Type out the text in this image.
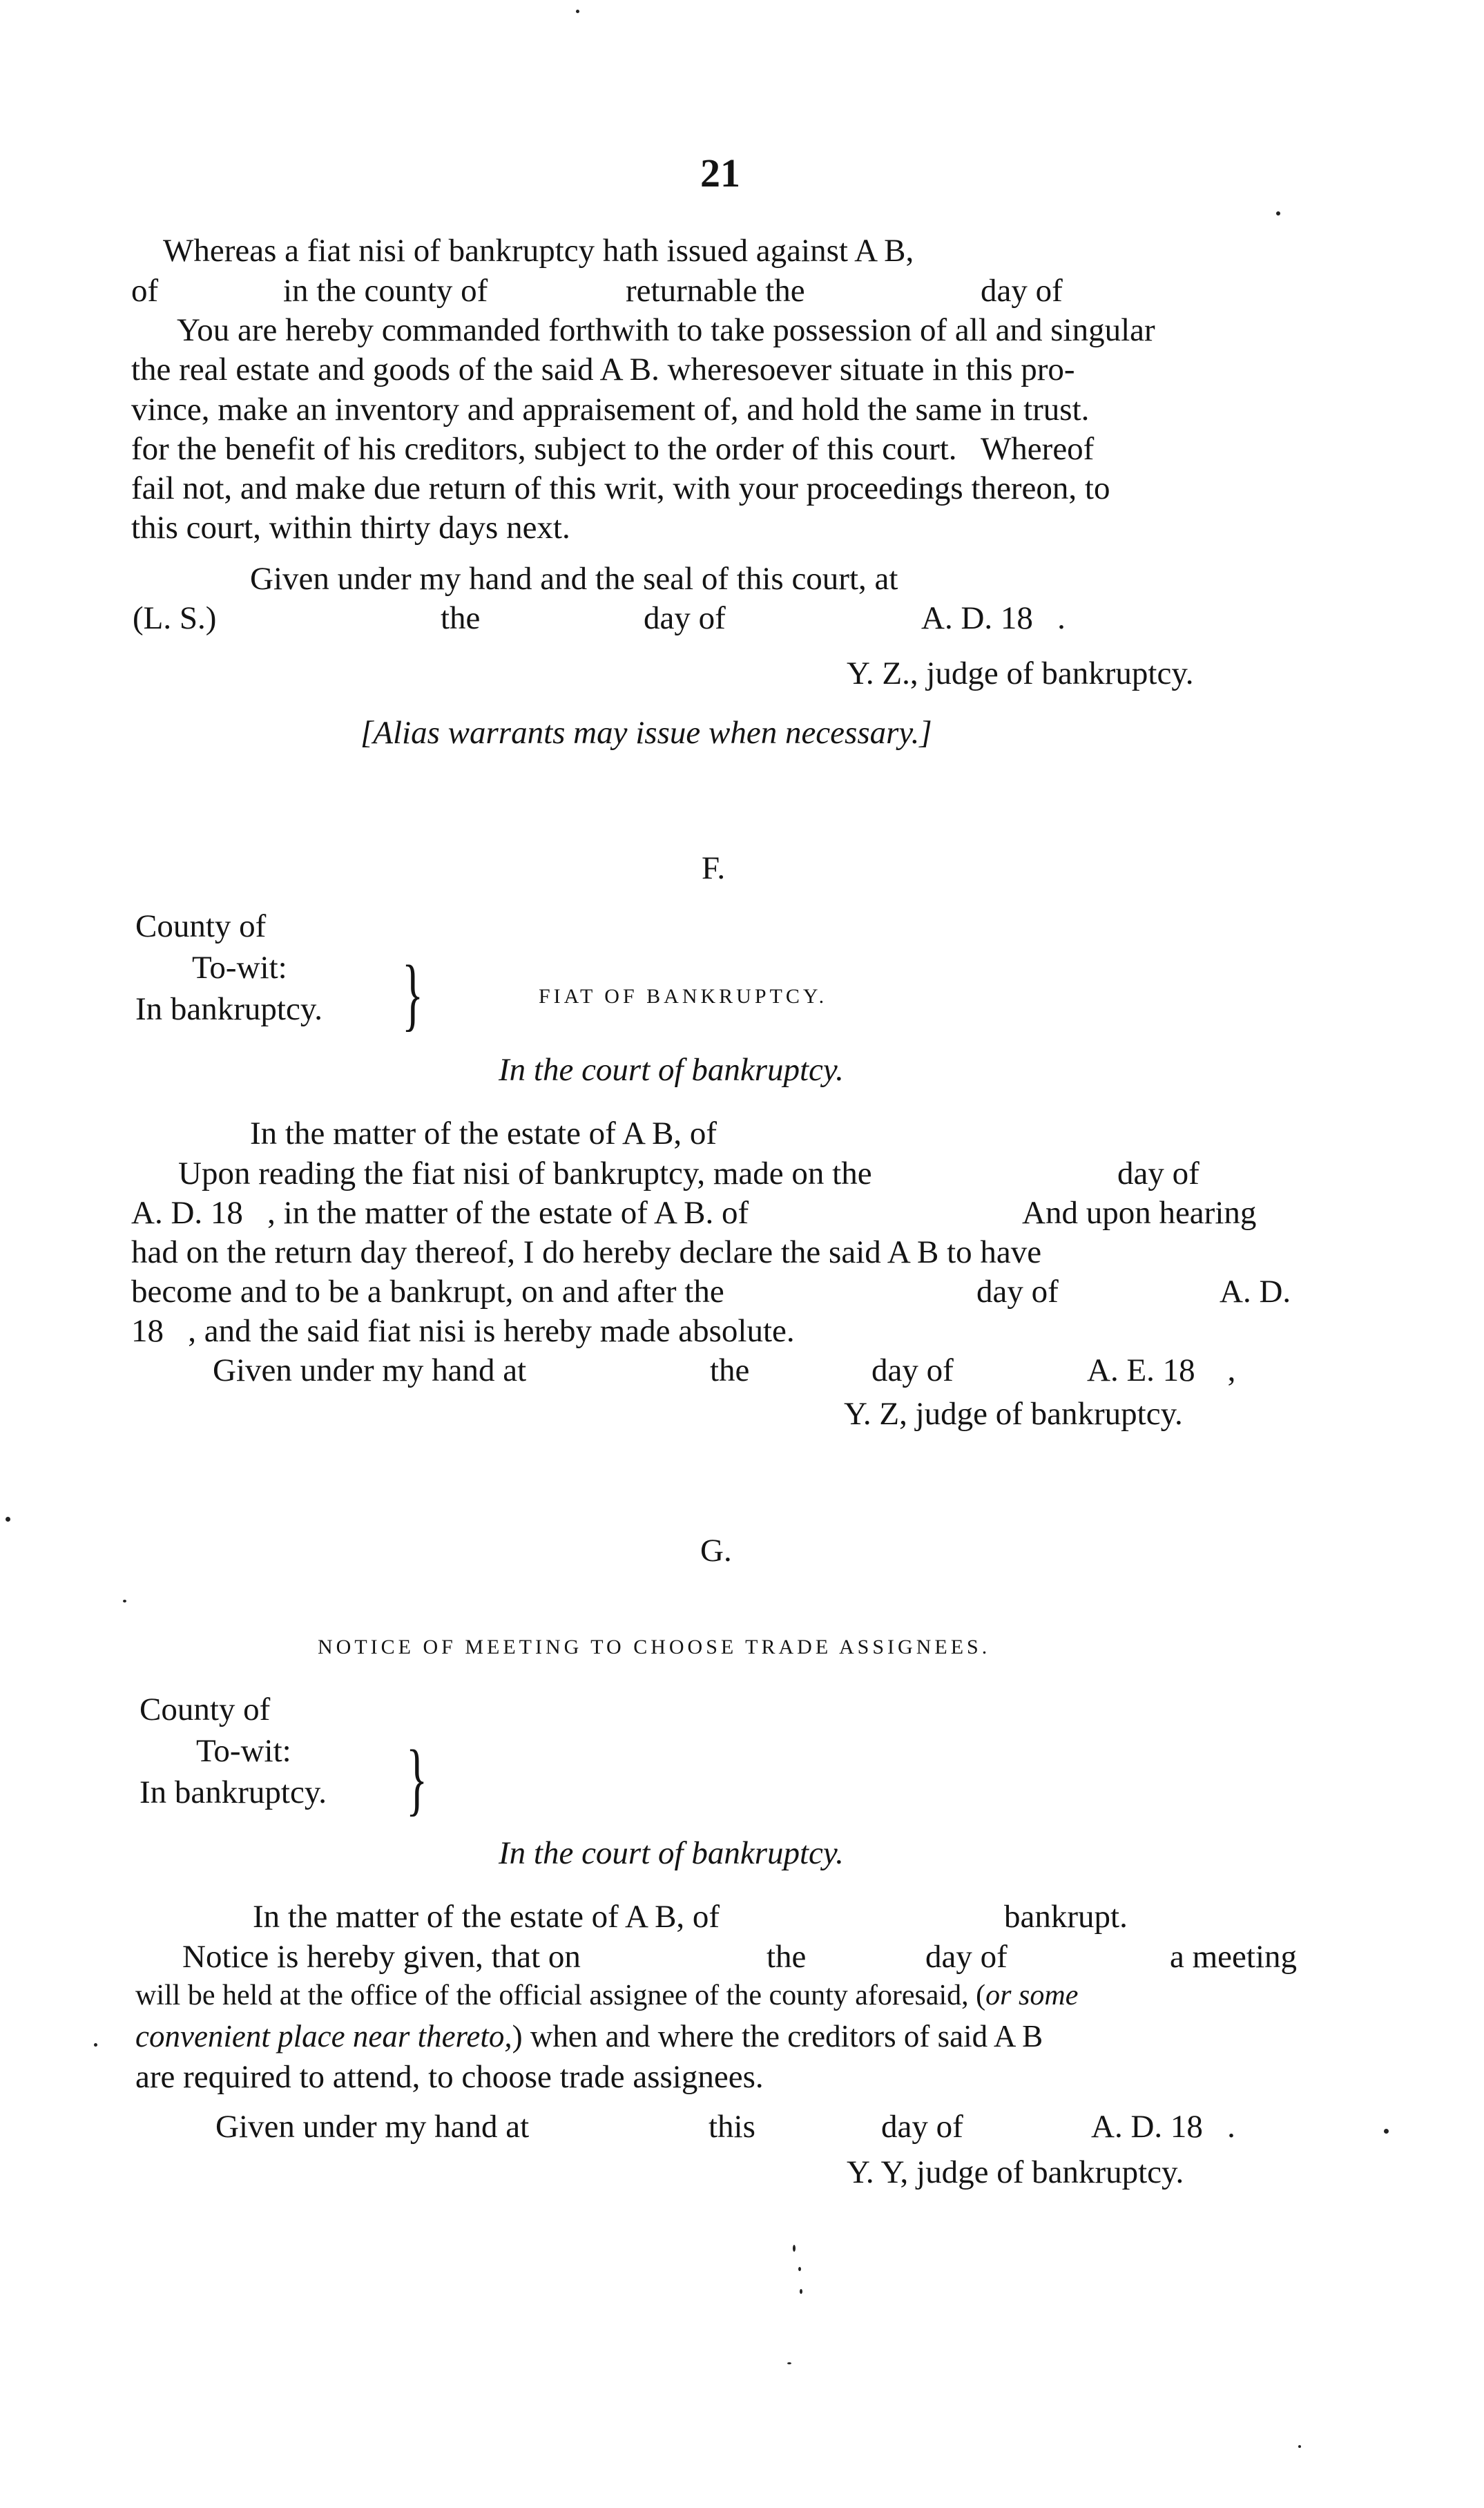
21
Whereas a fiat nisi of bankruptcy hath issued against A B,
of	in the county of	returnable the	day of
You are hereby commanded forthwith to take possession of all and singular
the real estate and goods of the said A B. wheresoever situate in this pro-
vince, make an inventory and appraisement of, and hold the same in trust.
for the benefit of his creditors, subject to the order of this court.   Whereof
fail not, and make due return of this writ, with your proceedings thereon, to
this court, within thirty days next.
Given under my hand and the seal of this court, at
(L. S.)	the	day of	A. D. 18   .
Y. Z., judge of bankruptcy.
[Alias warrants may issue when necessary.]
F.
County of
To-wit:
In bankruptcy. }	FIAT OF BANKRUPTCY.
In the court of bankruptcy.
In the matter of the estate of A B, of
Upon reading the fiat nisi of bankruptcy, made on the	day of
A. D. 18   , in the matter of the estate of A B. of	And upon hearing
had on the return day thereof, I do hereby declare the said A B to have
become and to be a bankrupt, on and after the	day of	A. D.
18   , and the said fiat nisi is hereby made absolute.
Given under my hand at	the	day of	A. E. 18    ,
Y. Z, judge of bankruptcy.
G.
NOTICE OF MEETING TO CHOOSE TRADE ASSIGNEES.
County of
To-wit:
In bankruptcy. }
In the court of bankruptcy.
In the matter of the estate of A B, of	bankrupt.
Notice is hereby given, that on	the	day of	a meeting
will be held at the office of the official assignee of the county aforesaid, (or some
convenient place near thereto,) when and where the creditors of said A B
are required to attend, to choose trade assignees.
Given under my hand at	this	day of	A. D. 18   .
Y. Y, judge of bankruptcy.
